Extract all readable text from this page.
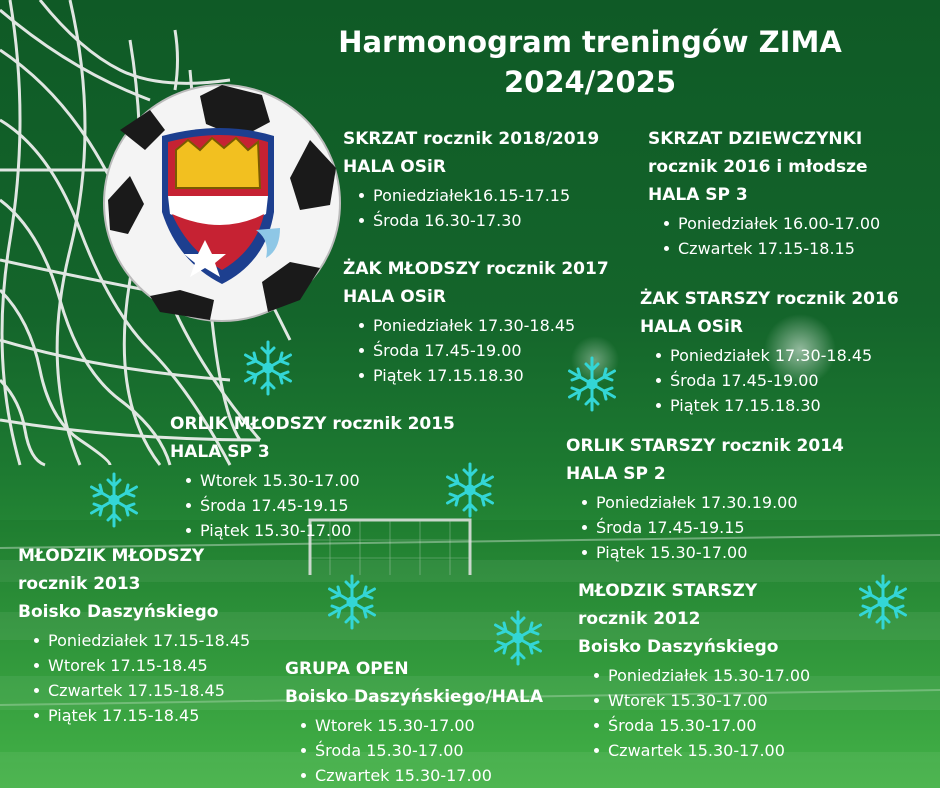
Harmonogram treningów ZIMA
2024/2025
SKRZAT rocznik 2018/2019
HALA OSiR
Poniedziałek16.15-17.15
Środa 16.30-17.30
SKRZAT DZIEWCZYNKI
rocznik 2016 i młodsze
HALA SP 3
Poniedziałek 16.00-17.00
Czwartek 17.15-18.15
ŻAK MŁODSZY rocznik 2017
HALA OSiR
Poniedziałek 17.30-18.45
Środa 17.45-19.00
Piątek 17.15.18.30
ŻAK STARSZY rocznik 2016
HALA OSiR
Poniedziałek 17.30-18.45
Środa 17.45-19.00
Piątek 17.15.18.30
ORLIK MŁODSZY rocznik 2015
HALA SP 3
Wtorek 15.30-17.00
Środa 17.45-19.15
Piątek 15.30-17.00
ORLIK STARSZY rocznik 2014
HALA SP 2
Poniedziałek 17.30.19.00
Środa 17.45-19.15
Piątek 15.30-17.00
MŁODZIK MŁODSZY
rocznik 2013
Boisko Daszyńskiego
Poniedziałek 17.15-18.45
Wtorek 17.15-18.45
Czwartek 17.15-18.45
Piątek 17.15-18.45
MŁODZIK STARSZY
rocznik 2012
Boisko Daszyńskiego
Poniedziałek 15.30-17.00
Wtorek 15.30-17.00
Środa 15.30-17.00
Czwartek 15.30-17.00
GRUPA OPEN
Boisko Daszyńskiego/HALA
Wtorek 15.30-17.00
Środa 15.30-17.00
Czwartek 15.30-17.00
